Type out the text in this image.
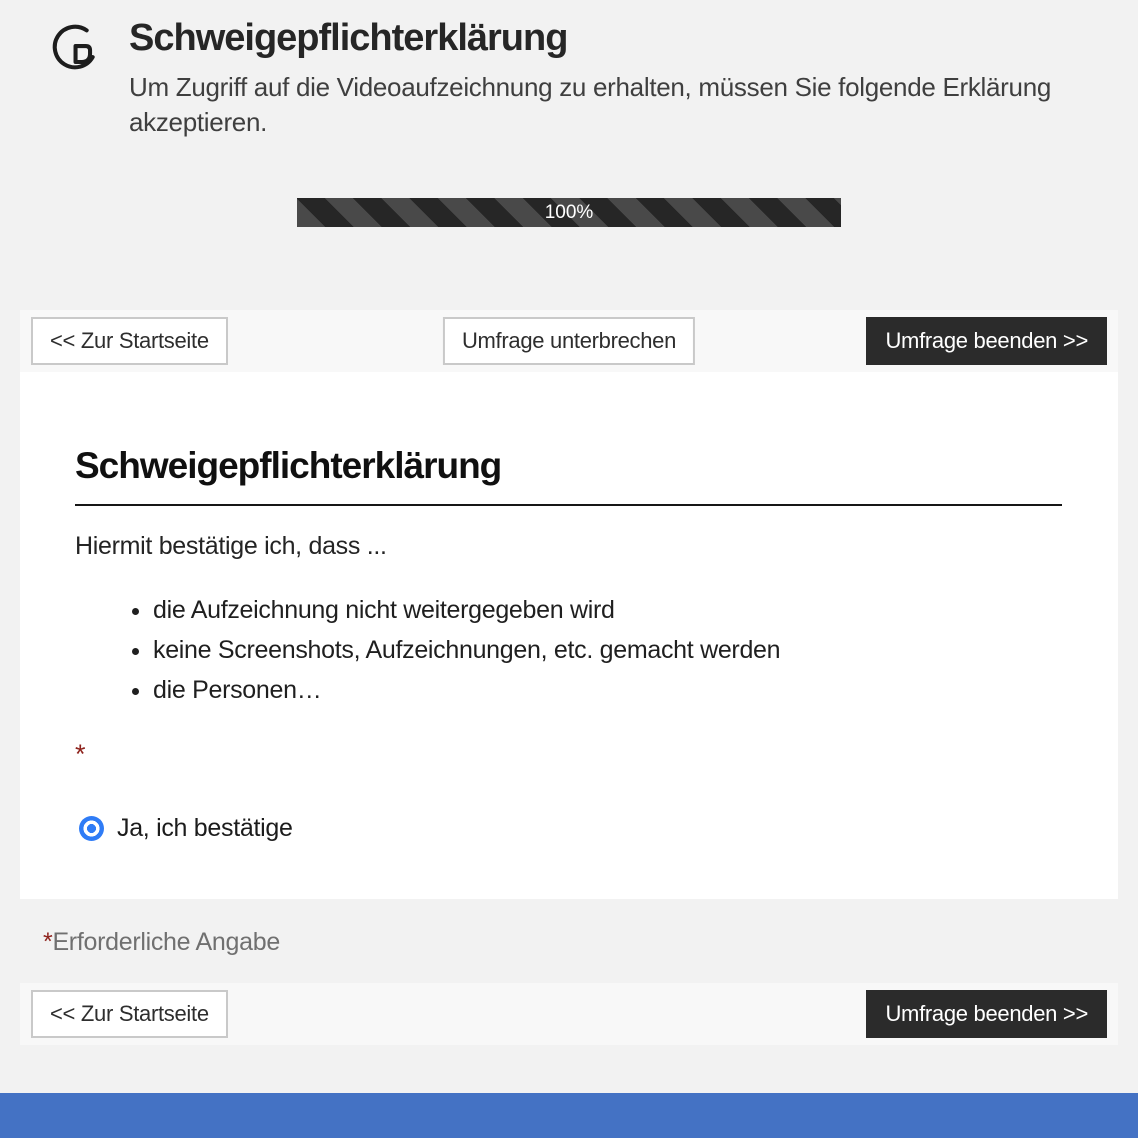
Schweigepflichterklärung
Um Zugriff auf die Videoaufzeichnung zu erhalten, müssen Sie folgende Erklärung akzeptieren.
100%
<< Zur Startseite	Umfrage unterbrechen	Umfrage beenden >>
Schweigepflichterklärung

Hiermit bestätige ich, dass ...

• die Aufzeichnung nicht weitergegeben wird
• keine Screenshots, Aufzeichnungen, etc. gemacht werden
• die Personen…
*
Ja, ich bestätige
*Erforderliche Angabe
<< Zur Startseite	Umfrage beenden >>
